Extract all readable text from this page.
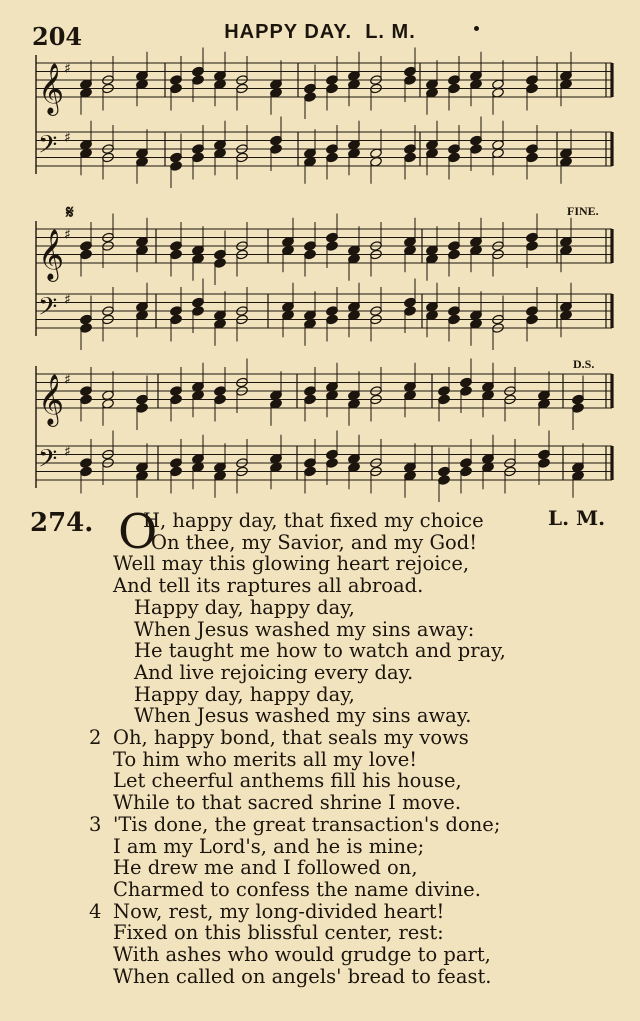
204	HAPPY DAY. L. M.
𝄞 ♯
𝄢 ♯
𝄞 ♯
𝄢 ♯
𝄞 ♯
𝄢 ♯
𝄋	FINE.
D.S.
274.	L. M.
O
H, happy day, that fixed my choice
On thee, my Savior, and my God!
Well may this glowing heart rejoice,
And tell its raptures all abroad.
Happy day, happy day,
When Jesus washed my sins away:
He taught me how to watch and pray,
And live rejoicing every day.
Happy day, happy day,
When Jesus washed my sins away.
2 Oh, happy bond, that seals my vows
To him who merits all my love!
Let cheerful anthems fill his house,
While to that sacred shrine I move.
3 'Tis done, the great transaction's done;
I am my Lord's, and he is mine;
He drew me and I followed on,
Charmed to confess the name divine.
4 Now, rest, my long-divided heart!
Fixed on this blissful center, rest:
With ashes who would grudge to part,
When called on angels' bread to feast.
